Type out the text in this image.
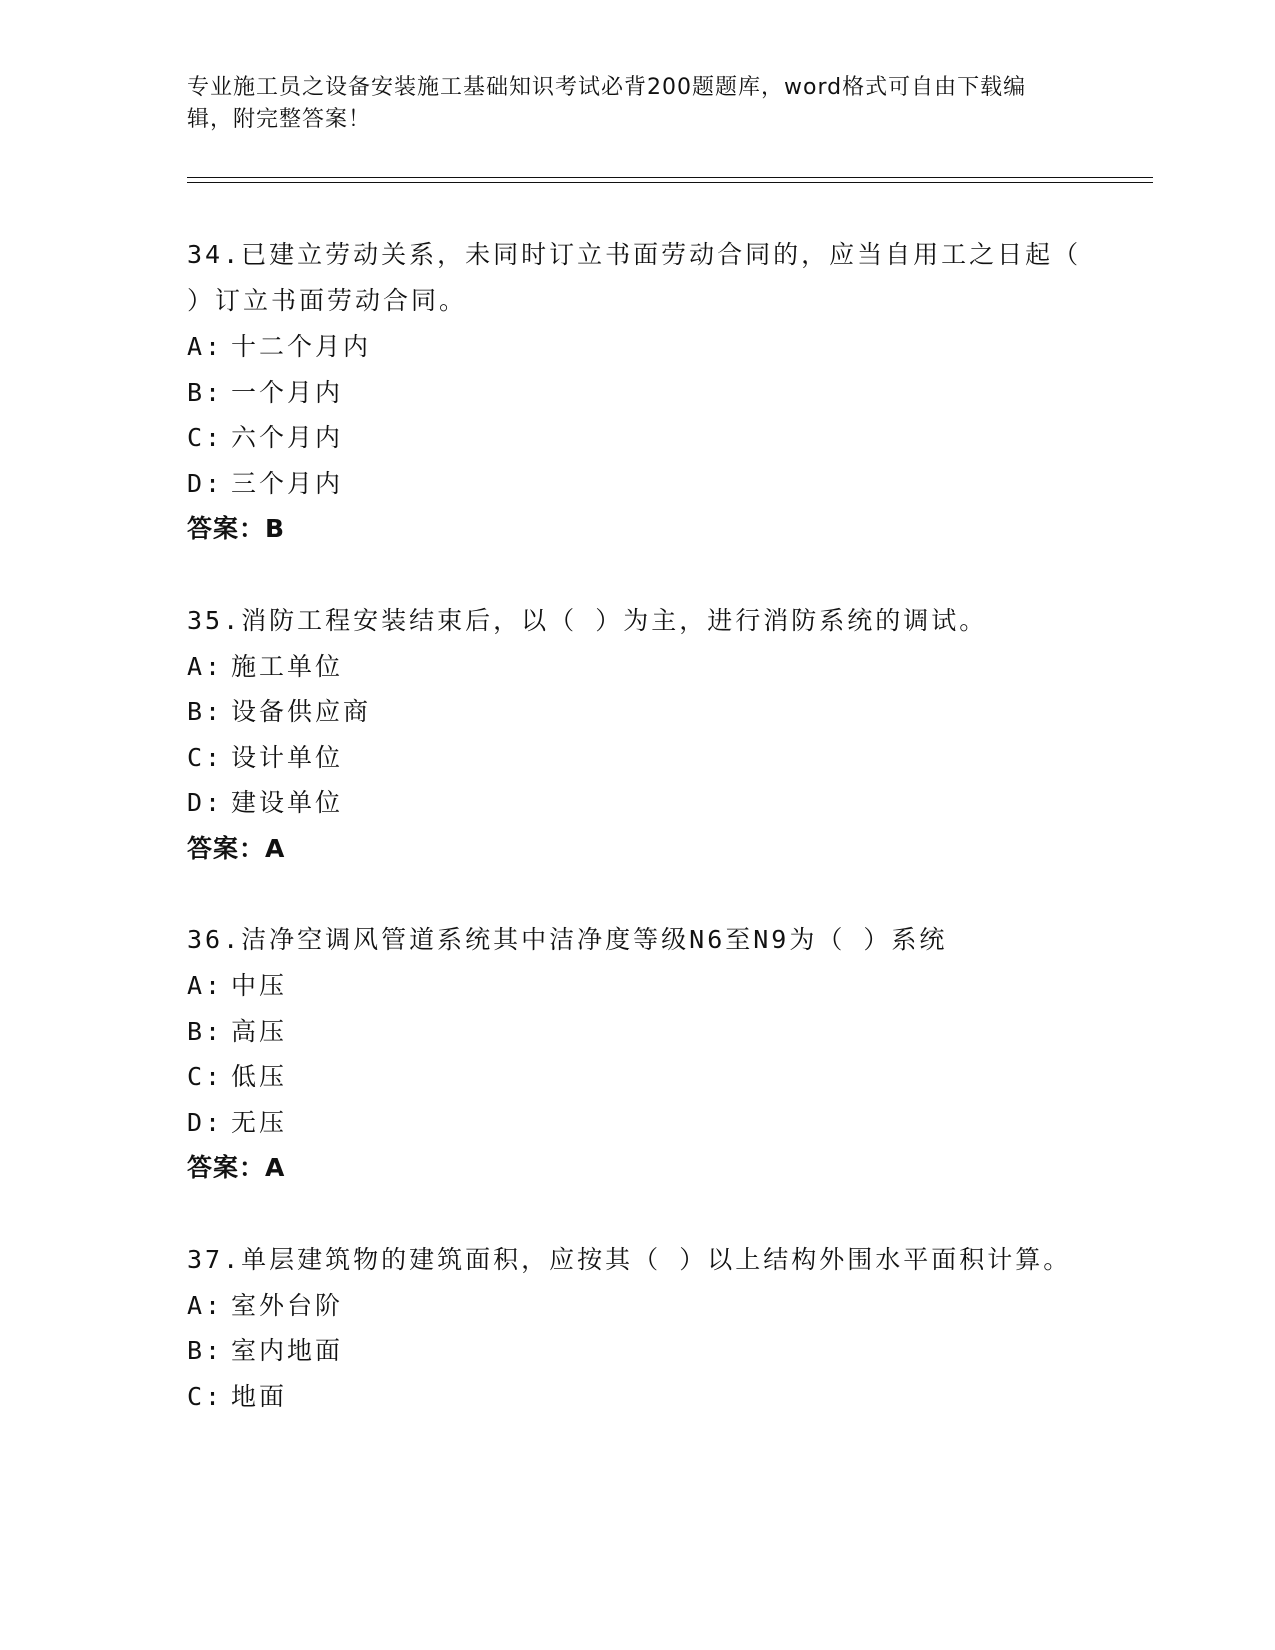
专业施工员之设备安装施工基础知识考试必背200题题库，word格式可自由下载编辑，附完整答案！
34.已建立劳动关系，未同时订立书面劳动合同的，应当自用工之日起（ ）订立书面劳动合同。
A: 十二个月内
B: 一个月内
C: 六个月内
D: 三个月内
答案：B
35.消防工程安装结束后，以（ ）为主，进行消防系统的调试。
A: 施工单位
B: 设备供应商
C: 设计单位
D: 建设单位
答案：A
36.洁净空调风管道系统其中洁净度等级N6至N9为（ ）系统
A: 中压
B: 高压
C: 低压
D: 无压
答案：A
37.单层建筑物的建筑面积，应按其（ ）以上结构外围水平面积计算。
A: 室外台阶
B: 室内地面
C: 地面
